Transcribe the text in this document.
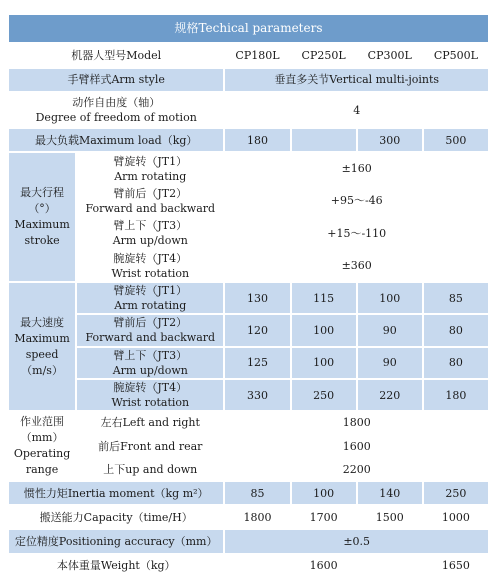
规格Techical parameters					
机器人型号Model		CP180L	CP250L	CP300L	CP500L
手臂样式Arm style		垂直多关节Vertical multi-joints			

动作自由度（轴）
Degree of freedom of motion		4			
最大负载Maximum load（kg）		180		300	500

最大行程
（°）
Maximum
stroke	臂旋转（JT1）
Arm rotating	±160			

	臂前后（JT2）
Forward and backward	+95～-46			

	臂上下（JT3）
Arm up/down	+15～-110			

	腕旋转（JT4）
Wrist rotation	±360			

最大速度
Maximum
speed
（m/s）	臂旋转（JT1）
Arm rotating	130	115	100	85

	臂前后（JT2）
Forward and backward	120	100	90	80

	臂上下（JT3）
Arm up/down	125	100	90	80

	腕旋转（JT4）
Wrist rotation	330	250	220	180

作业范围
（mm）
Operating
range	左右Left and right	1800			
	前后Front and rear	1600			
	上下up and down	2200			
惯性力矩Inertia moment（kg m²）		85	100	140	250
搬送能力Capacity（time/H）		1800	1700	1500	1000
定位精度Positioning accuracy（mm）		±0.5			
本体重量Weight（kg）		1600			1650
